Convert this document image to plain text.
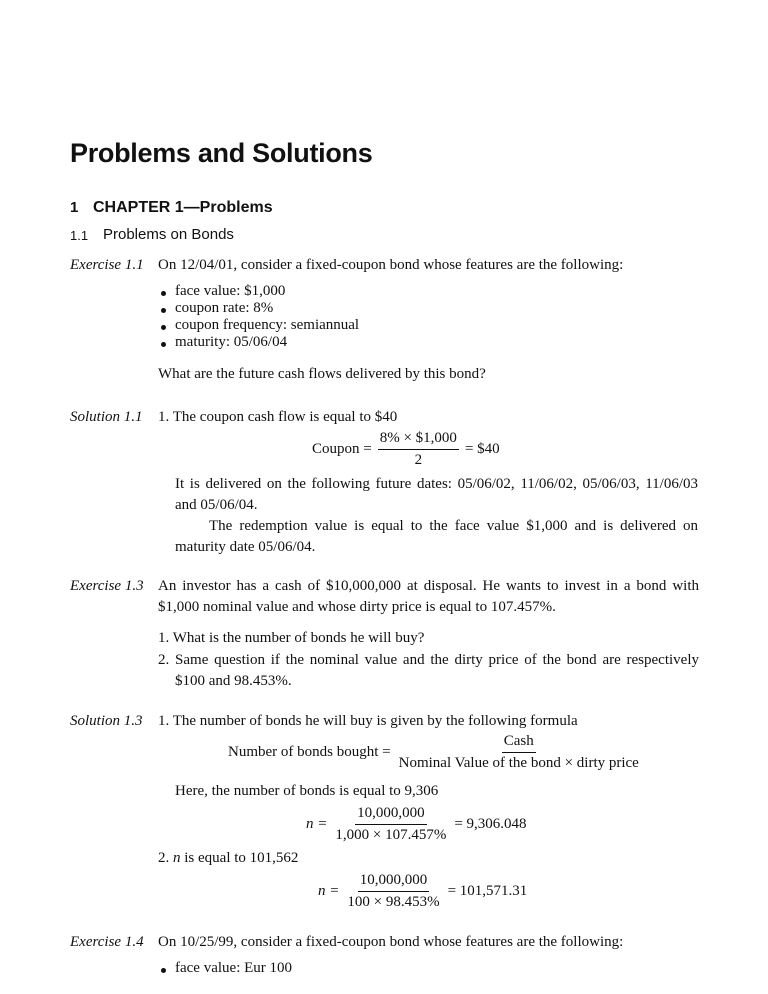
Problems and Solutions
1 CHAPTER 1—Problems
1.1 Problems on Bonds
Exercise 1.1 On 12/04/01, consider a fixed-coupon bond whose features are the following:
face value: $1,000
coupon rate: 8%
coupon frequency: semiannual
maturity: 05/06/04
What are the future cash flows delivered by this bond?
Solution 1.1 1. The coupon cash flow is equal to $40
Coupon = $\frac{8\% \times \$1,000}{2}$ = $40
It is delivered on the following future dates: 05/06/02, 11/06/02, 05/06/03, 11/06/03 and 05/06/04.
The redemption value is equal to the face value $1,000 and is delivered on maturity date 05/06/04.
Exercise 1.3 An investor has a cash of $10,000,000 at disposal. He wants to invest in a bond with $1,000 nominal value and whose dirty price is equal to 107.457%.
1. What is the number of bonds he will buy?
2. Same question if the nominal value and the dirty price of the bond are respectively $100 and 98.453%.
Solution 1.3 1. The number of bonds he will buy is given by the following formula
Number of bonds bought = $\frac{\text{Cash}}{\text{Nominal Value of the bond × dirty price}}$
Here, the number of bonds is equal to 9,306
$n = \frac{10,000,000}{1,000 \times 107.457\%} = 9,306.048$
2. n is equal to 101,562
$n = \frac{10,000,000}{100 \times 98.453\%} = 101,571.31$
Exercise 1.4 On 10/25/99, consider a fixed-coupon bond whose features are the following:
face value: Eur 100
